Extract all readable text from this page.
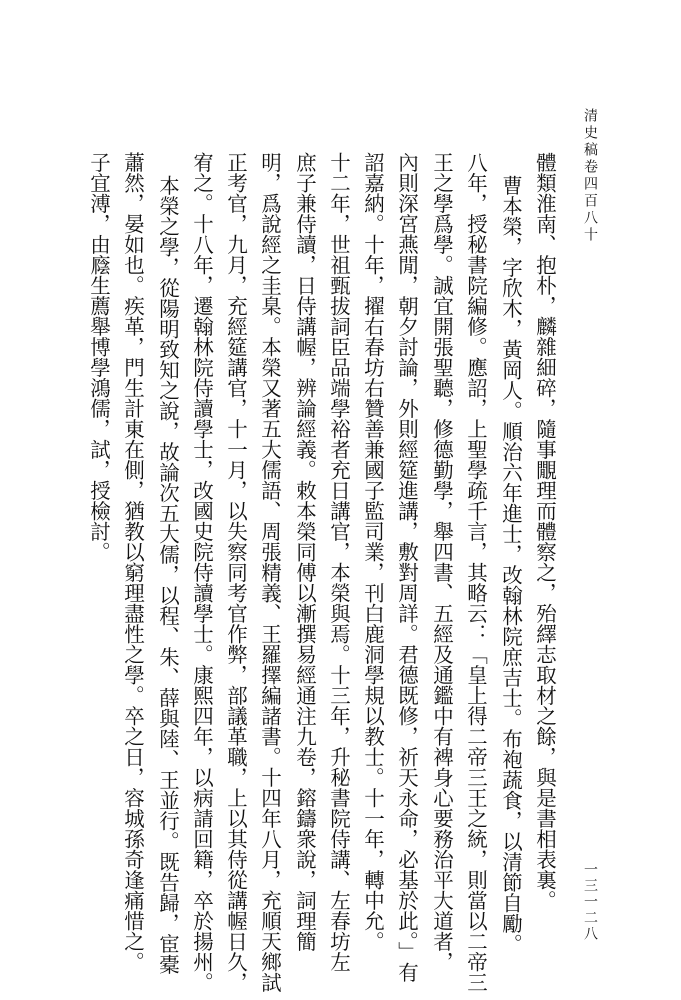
清史稿卷四百八十
一三一二八
體類淮南、抱朴，麟雜細碎，隨事覵理而體察之，殆繹志取材之餘，與是書相表裏。
曹本榮，字欣木，黃岡人。順治六年進士，改翰林院庶吉士。布袍蔬食，以清節自勵。
八年，授秘書院編修。應詔，上聖學疏千言，其略云：「皇上得二帝三王之統，則當以二帝三
王之學爲學。誠宜開張聖聽，修德勤學，舉四書、五經及通鑑中有裨身心要務治平大道者，
內則深宮燕閒，朝夕討論，外則經筵進講，敷對周詳。君德既修，祈天永命，必基於此。」有
詔嘉納。十年，擢右春坊右贊善兼國子監司業，刊白鹿洞學規以教士。十一年，轉中允。
十二年，世祖甄拔詞臣品端學裕者充日講官，本榮與焉。十三年，升秘書院侍講、左春坊左
庶子兼侍讀，日侍講幄，辨論經義。敕本榮同傅以漸撰易經通注九卷，鎔鑄衆說，詞理簡
明，爲說經之圭臬。本榮又著五大儒語、周張精義、王羅擇編諸書。十四年八月，充順天鄉試
正考官，九月，充經筵講官，十一月，以失察同考官作弊，部議革職，上以其侍從講幄日久，
宥之。十八年，遷翰林院侍讀學士，改國史院侍讀學士。康熙四年，以病請回籍，卒於揚州。
本榮之學，從陽明致知之說，故論次五大儒，以程、朱、薛與陸、王並行。既告歸，宦橐
蕭然，晏如也。疾革，門生計東在側，猶教以窮理盡性之學。卒之日，容城孫奇逢痛惜之。
子宜溥，由廕生薦舉博學鴻儒，試，授檢討。
